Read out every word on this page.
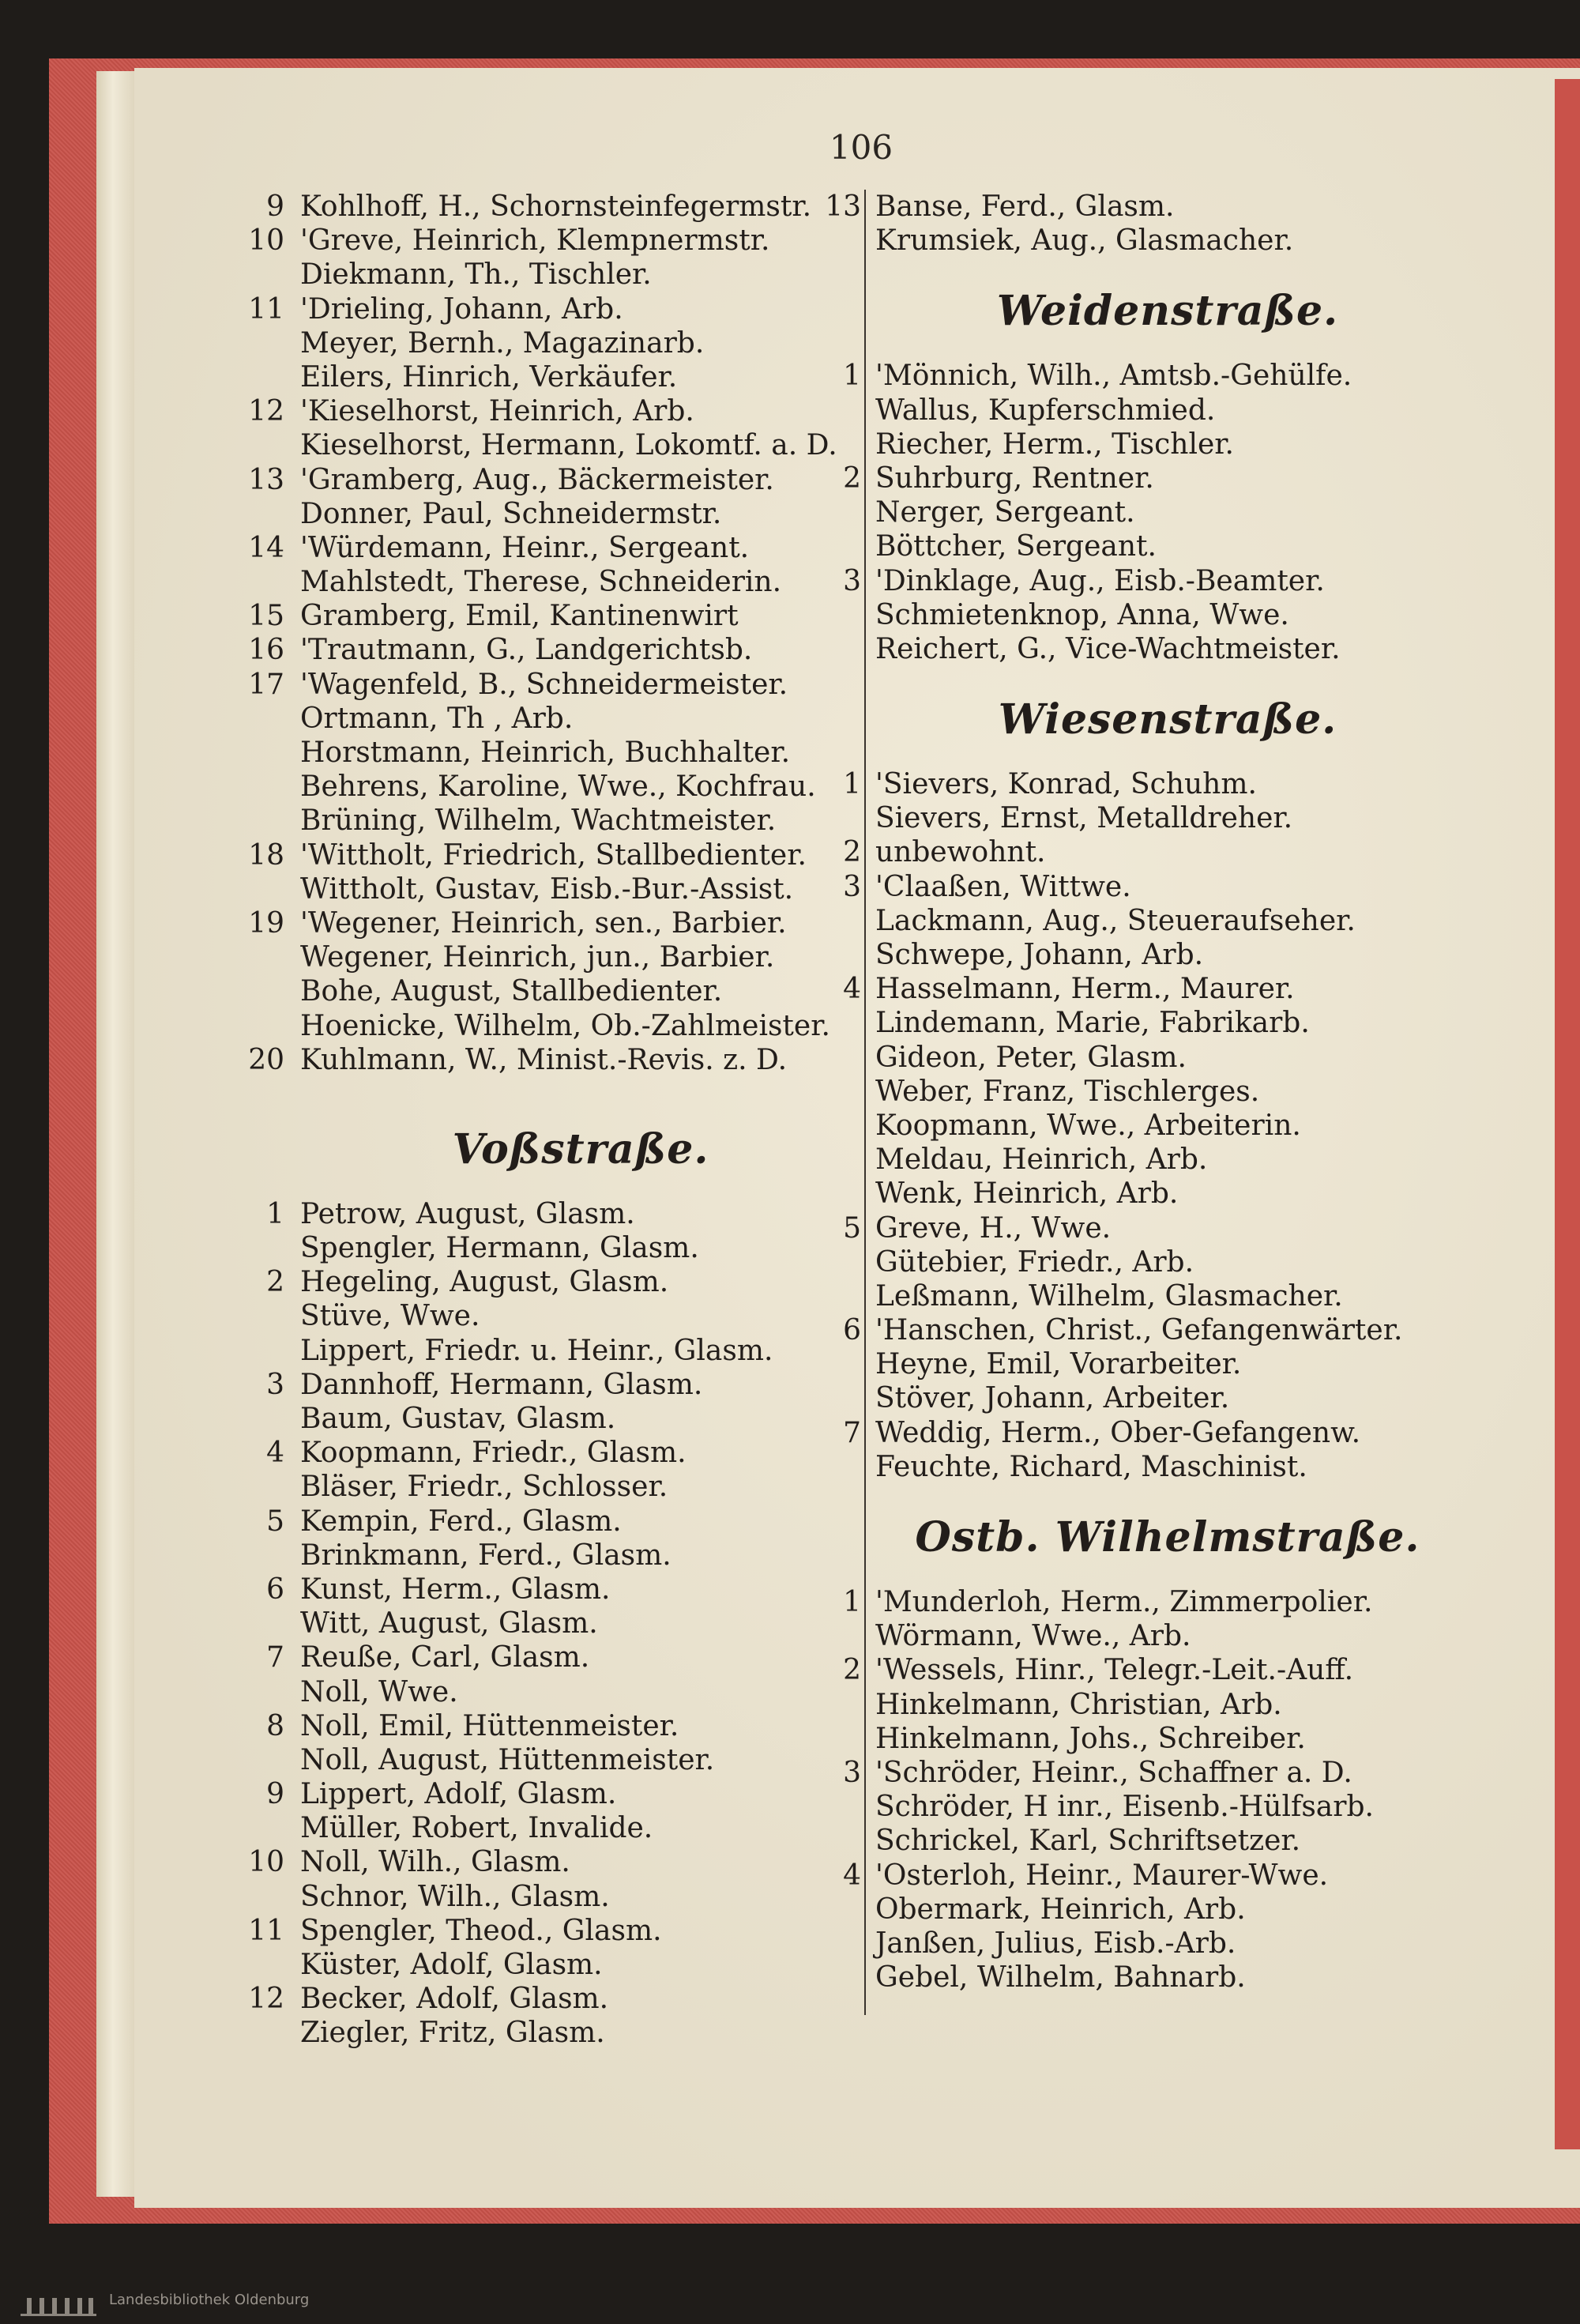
106
9 Kohlhoff, H., Schornsteinfegermstr.
10 'Greve, Heinrich, Klempnermstr.
Diekmann, Th., Tischler.
11 'Drieling, Johann, Arb.
Meyer, Bernh., Magazinarb.
Eilers, Hinrich, Verkäufer.
12 'Kieselhorst, Heinrich, Arb.
Kieselhorst, Hermann, Lokomtf. a. D.
13 'Gramberg, Aug., Bäckermeister.
Donner, Paul, Schneidermstr.
14 'Würdemann, Heinr., Sergeant.
Mahlstedt, Therese, Schneiderin.
15 Gramberg, Emil, Kantinenwirt
16 'Trautmann, G., Landgerichtsb.
17 'Wagenfeld, B., Schneidermeister.
Ortmann, Th , Arb.
Horstmann, Heinrich, Buchhalter.
Behrens, Karoline, Wwe., Kochfrau.
Brüning, Wilhelm, Wachtmeister.
18 'Wittholt, Friedrich, Stallbedienter.
Wittholt, Gustav, Eisb.-Bur.-Assist.
19 'Wegener, Heinrich, sen., Barbier.
Wegener, Heinrich, jun., Barbier.
Bohe, August, Stallbedienter.
Hoenicke, Wilhelm, Ob.-Zahlmeister.
20 Kuhlmann, W., Minist.-Revis. z. D.
Voßstraße.
1 Petrow, August, Glasm.
Spengler, Hermann, Glasm.
2 Hegeling, August, Glasm.
Stüve, Wwe.
Lippert, Friedr. u. Heinr., Glasm.
3 Dannhoff, Hermann, Glasm.
Baum, Gustav, Glasm.
4 Koopmann, Friedr., Glasm.
Bläser, Friedr., Schlosser.
5 Kempin, Ferd., Glasm.
Brinkmann, Ferd., Glasm.
6 Kunst, Herm., Glasm.
Witt, August, Glasm.
7 Reußе, Carl, Glasm.
Noll, Wwe.
8 Noll, Emil, Hüttenmeister.
Noll, August, Hüttenmeister.
9 Lippert, Adolf, Glasm.
Müller, Robert, Invalide.
10 Noll, Wilh., Glasm.
Schnor, Wilh., Glasm.
11 Spengler, Theod., Glasm.
Küster, Adolf, Glasm.
12 Becker, Adolf, Glasm.
Ziegler, Fritz, Glasm.
13 Banse, Ferd., Glasm.
Krumsiek, Aug., Glasmacher.
Weidenstraße.
1 'Mönnich, Wilh., Amtsb.-Gehülfe.
Wallus, Kupferschmied.
Riecher, Herm., Tischler.
2 Suhrburg, Rentner.
Nerger, Sergeant.
Böttcher, Sergeant.
3 'Dinklage, Aug., Eisb.-Beamter.
Schmietenknop, Anna, Wwe.
Reichert, G., Vice-Wachtmeister.
Wiesenstraße.
1 'Sievers, Konrad, Schuhm.
Sievers, Ernst, Metalldreher.
2 unbewohnt.
3 'Claaßen, Wittwe.
Lackmann, Aug., Steueraufseher.
Schwepe, Johann, Arb.
4 Hasselmann, Herm., Maurer.
Lindemann, Marie, Fabrikarb.
Gideon, Peter, Glasm.
Weber, Franz, Tischlerges.
Koopmann, Wwe., Arbeiterin.
Meldau, Heinrich, Arb.
Wenk, Heinrich, Arb.
5 Greve, H., Wwe.
Gütebier, Friedr., Arb.
Leßmann, Wilhelm, Glasmacher.
6 'Hanschen, Christ., Gefangenwärter.
Heyne, Emil, Vorarbeiter.
Stöver, Johann, Arbeiter.
7 Weddig, Herm., Ober-Gefangenw.
Feuchte, Richard, Maschinist.
Ostb. Wilhelmstraße.
1 'Munderloh, Herm., Zimmerpolier.
Wörmann, Wwe., Arb.
2 'Wessels, Hinr., Telegr.-Leit.-Auff.
Hinkelmann, Christian, Arb.
Hinkelmann, Johs., Schreiber.
3 'Schröder, Heinr., Schaffner a. D.
Schröder, H inr., Eisenb.-Hülfsarb.
Schrickel, Karl, Schriftsetzer.
4 'Osterloh, Heinr., Maurer-Wwe.
Obermark, Heinrich, Arb.
Janßen, Julius, Eisb.-Arb.
Gebel, Wilhelm, Bahnarb.
Landesbibliothek Oldenburg
